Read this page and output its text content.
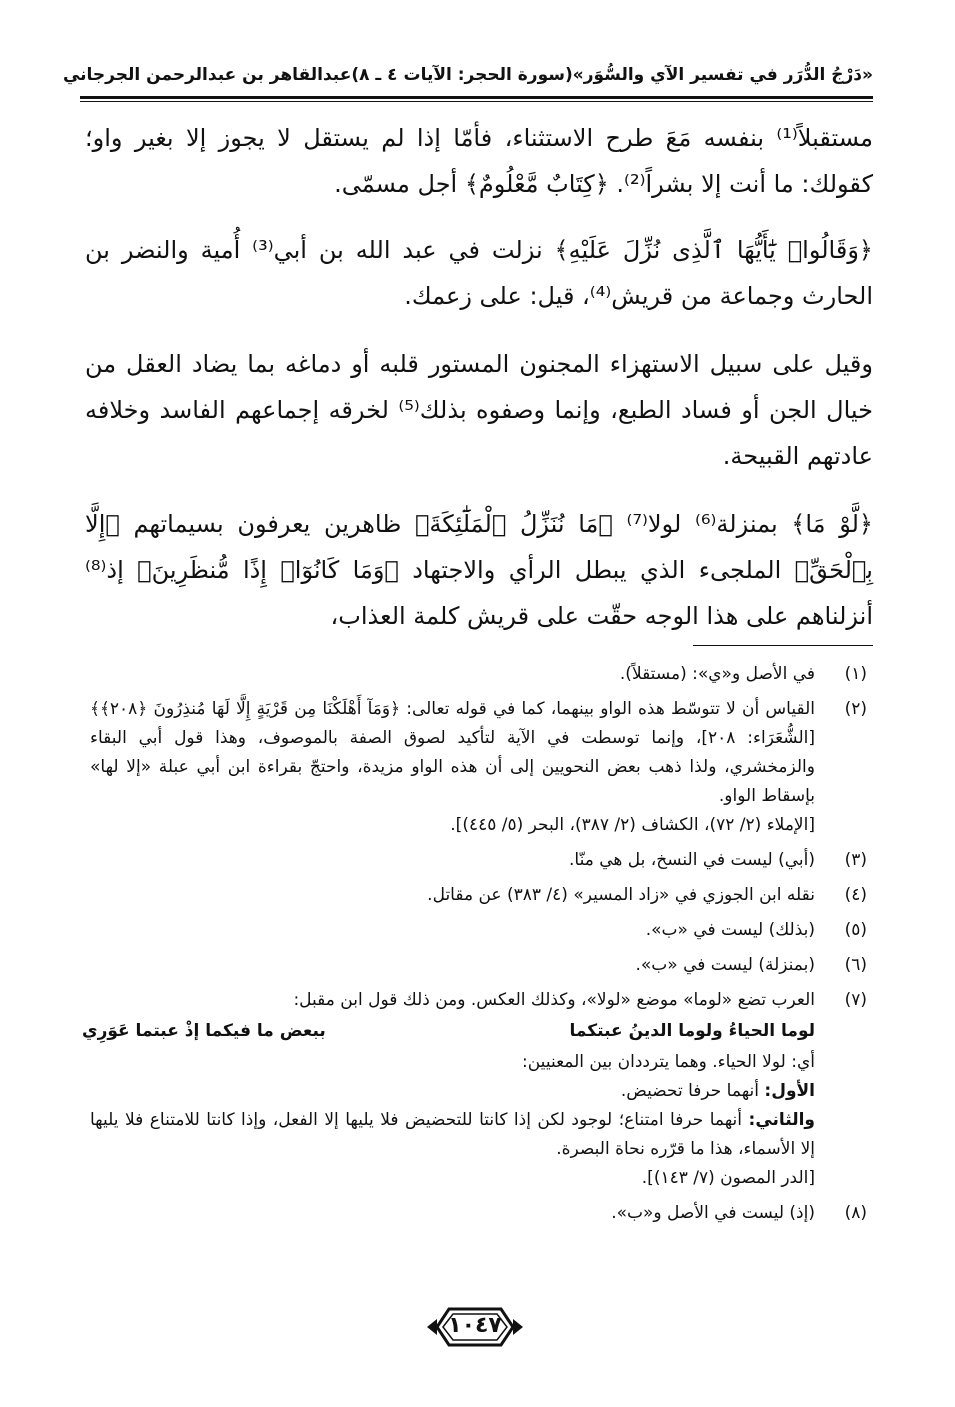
«دَرْجُ الدُّرَر في تفسير الآي والسُّوَر»
(سورة الحجر: الآيات ٤ ـ ٨)
عبدالقاهر بن عبدالرحمن الجرجاني

مستقبلاً⁽¹⁾ بنفسه مَعَ طرح الاستثناء، فأمّا إذا لم يستقل لا يجوز إلا بغير واو؛ كقولك: ما أنت إلا بشراً⁽²⁾. ﴿كِتَابٌ مَّعْلُومٌ﴾ أجل مسمّى.

﴿وَقَالُوا۟ يَٰٓأَيُّهَا ٱلَّذِى نُزِّلَ عَلَيْهِ﴾ نزلت في عبد الله بن أبي⁽³⁾ أُمية والنضر بن الحارث وجماعة من قريش⁽⁴⁾، قيل: على زعمك.

وقيل على سبيل الاستهزاء المجنون المستور قلبه أو دماغه بما يضاد العقل من خيال الجن أو فساد الطبع، وإنما وصفوه بذلك⁽⁵⁾ لخرقه إجماعهم الفاسد وخلافه عادتهم القبيحة.

﴿لَّوْ مَا﴾ بمنزلة⁽⁶⁾ لولا⁽⁷⁾ ﴿مَا نُنَزِّلُ ٱلْمَلَٰٓئِكَةَ﴾ ظاهرين يعرفون بسيماتهم ﴿إِلَّا بِٱلْحَقِّ﴾ الملجىء الذي يبطل الرأي والاجتهاد ﴿وَمَا كَانُوٓا۟ إِذًا مُّنظَرِينَ﴾ إذ⁽⁸⁾ أنزلناهم على هذا الوجه حقّت على قريش كلمة العذاب،

(١)
في الأصل و«ي»: (مستقلاً).
(٢)
القياس أن لا تتوسّط هذه الواو بينهما، كما في قوله تعالى: ﴿وَمَآ أَهْلَكْنَا مِن قَرْيَةٍ إِلَّا لَهَا مُنذِرُونَ ﴿٢٠٨﴾﴾ [الشُّعَرَاء: ٢٠٨]، وإنما توسطت في الآية لتأكيد لصوق الصفة بالموصوف، وهذا قول أبي البقاء والزمخشري، ولذا ذهب بعض النحويين إلى أن هذه الواو مزيدة، واحتجّ بقراءة ابن أبي عبلة «إلا لها» بإسقاط الواو.
[الإملاء (٢/ ٧٢)، الكشاف (٢/ ٣٨٧)، البحر (٥/ ٤٤٥)].
(٣)
(أبي) ليست في النسخ، بل هي منّا.
(٤)
نقله ابن الجوزي في «زاد المسير» (٤/ ٣٨٣) عن مقاتل.
(٥)
(بذلك) ليست في «ب».
(٦)
(بمنزلة) ليست في «ب».
(٧)
العرب تضع «لوما» موضع «لولا»، وكذلك العكس. ومن ذلك قول ابن مقبل:
لوما الحياءُ ولوما الدينُ عبتكما
ببعض ما فيكما إذْ عبتما عَوَرِي
أي: لولا الحياء. وهما يترددان بين المعنيين:
الأول: أنهما حرفا تحضيض.
والثاني: أنهما حرفا امتناع؛ لوجود لكن إذا كانتا للتحضيض فلا يليها إلا الفعل، وإذا كانتا للامتناع فلا يليها إلا الأسماء، هذا ما قرّره نحاة البصرة.
[الدر المصون (٧/ ١٤٣)].
(٨)
(إذ) ليست في الأصل و«ب».
١٠٤٧
